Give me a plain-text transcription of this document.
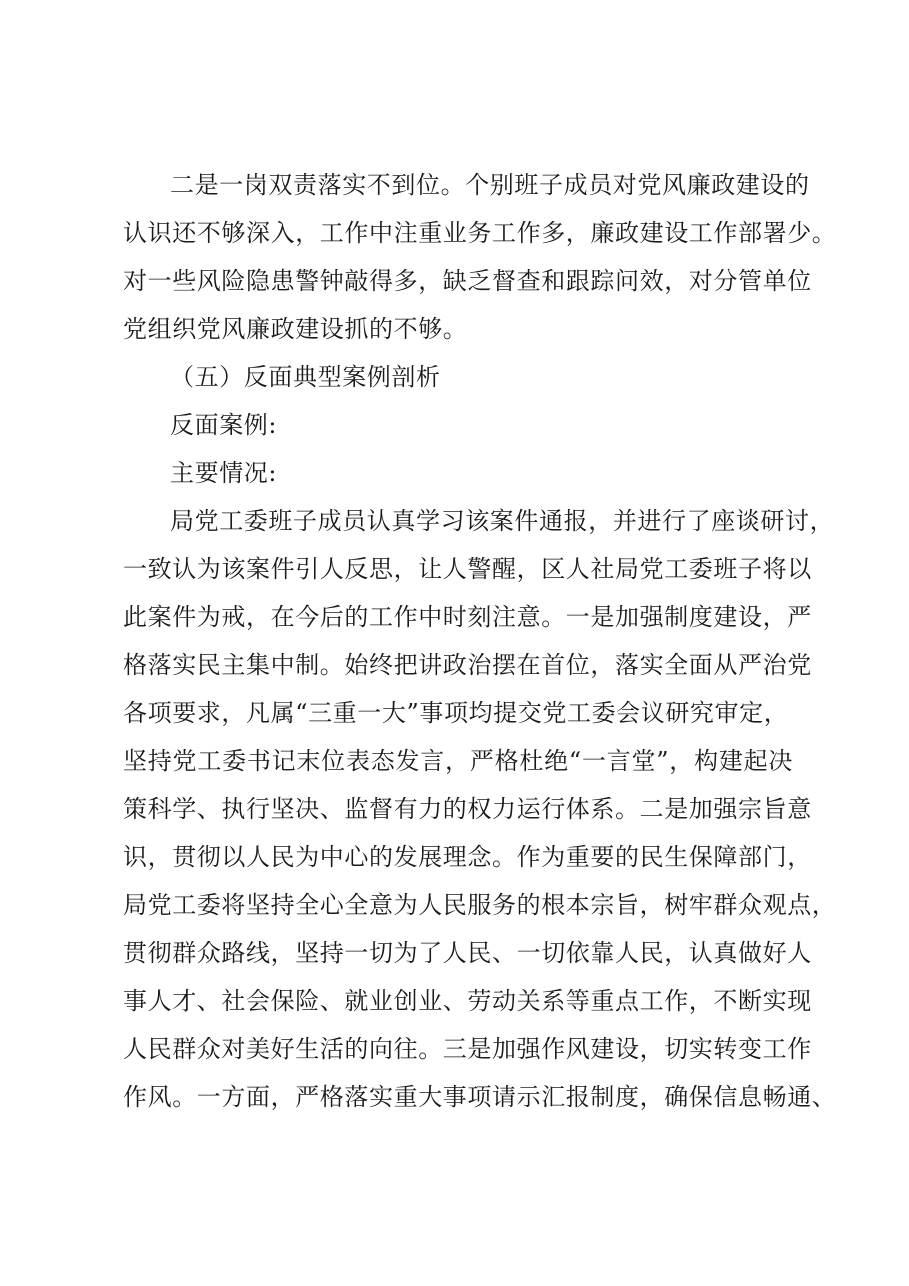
二是一岗双责落实不到位。个别班子成员对党风廉政建设的
认识还不够深入，工作中注重业务工作多，廉政建设工作部署少。
对一些风险隐患警钟敲得多，缺乏督查和跟踪问效，对分管单位
党组织党风廉政建设抓的不够。
（五）反面典型案例剖析
反面案例:
主要情况:
局党工委班子成员认真学习该案件通报，并进行了座谈研讨，
一致认为该案件引人反思，让人警醒，区人社局党工委班子将以
此案件为戒，在今后的工作中时刻注意。一是加强制度建设，严
格落实民主集中制。始终把讲政治摆在首位，落实全面从严治党
各项要求，凡属“三重一大”事项均提交党工委会议研究审定，
坚持党工委书记末位表态发言，严格杜绝“一言堂”，构建起决
策科学、执行坚决、监督有力的权力运行体系。二是加强宗旨意
识，贯彻以人民为中心的发展理念。作为重要的民生保障部门，
局党工委将坚持全心全意为人民服务的根本宗旨，树牢群众观点，
贯彻群众路线，坚持一切为了人民、一切依靠人民，认真做好人
事人才、社会保险、就业创业、劳动关系等重点工作，不断实现
人民群众对美好生活的向往。三是加强作风建设，切实转变工作
作风。一方面，严格落实重大事项请示汇报制度，确保信息畅通、
